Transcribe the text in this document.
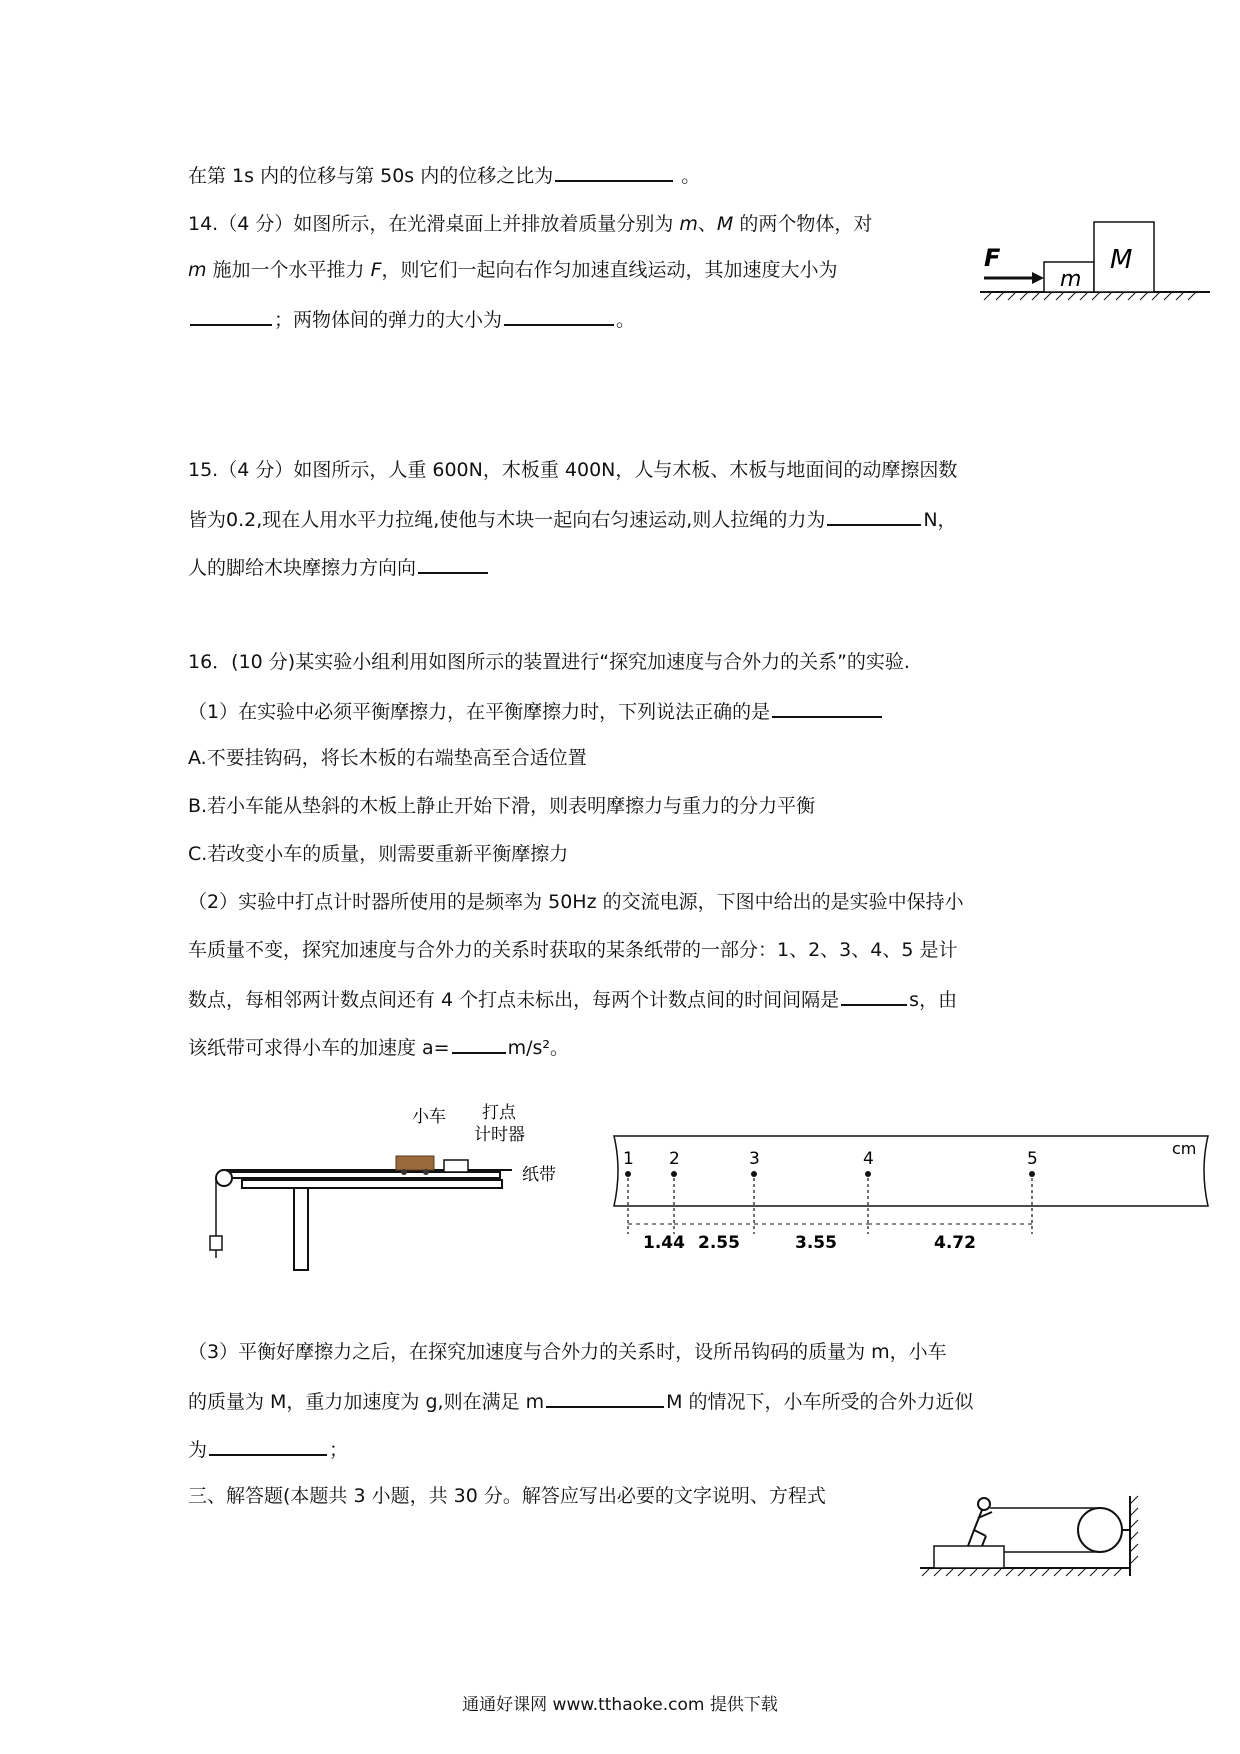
在第 1s 内的位移与第 50s 内的位移之比为	。
14.（4 分）如图所示，在光滑桌面上并排放着质量分别为 m、M 的两个物体，对
m 施加一个水平推力 F，则它们一起向右作匀加速直线运动，其加速度大小为
；两物体间的弹力的大小为	。
m
M
F
15.（4 分）如图所示，人重 600N，木板重 400N，人与木板、木板与地面间的动摩擦因数
皆为0.2,现在人用水平力拉绳,使他与木块一起向右匀速运动,则人拉绳的力为	N，
人的脚给木块摩擦力方向向
16．(10 分)某实验小组利用如图所示的装置进行“探究加速度与合外力的关系”的实验.
（1）在实验中必须平衡摩擦力，在平衡摩擦力时，下列说法正确的是
A.不要挂钩码，将长木板的右端垫高至合适位置
B.若小车能从垫斜的木板上静止开始下滑，则表明摩擦力与重力的分力平衡
C.若改变小车的质量，则需要重新平衡摩擦力
（2）实验中打点计时器所使用的是频率为 50Hz 的交流电源，下图中给出的是实验中保持小
车质量不变，探究加速度与合外力的关系时获取的某条纸带的一部分：1、2、3、4、5 是计
数点，每相邻两计数点间还有 4 个打点未标出，每两个计数点间的时间间隔是	s，由
该纸带可求得小车的加速度 a=	m/s²。
小车 打点
计时器
纸带
cm
1 2	3	4	5
1.44 2.55	3.55	4.72
（3）平衡好摩擦力之后，在探究加速度与合外力的关系时，设所吊钩码的质量为 m，小车
的质量为 M，重力加速度为 g,则在满足 m	M 的情况下，小车所受的合外力近似
为	；
三、解答题(本题共 3 小题，共 30 分。解答应写出必要的文字说明、方程式
通通好课网 www.tthaoke.com 提供下载
